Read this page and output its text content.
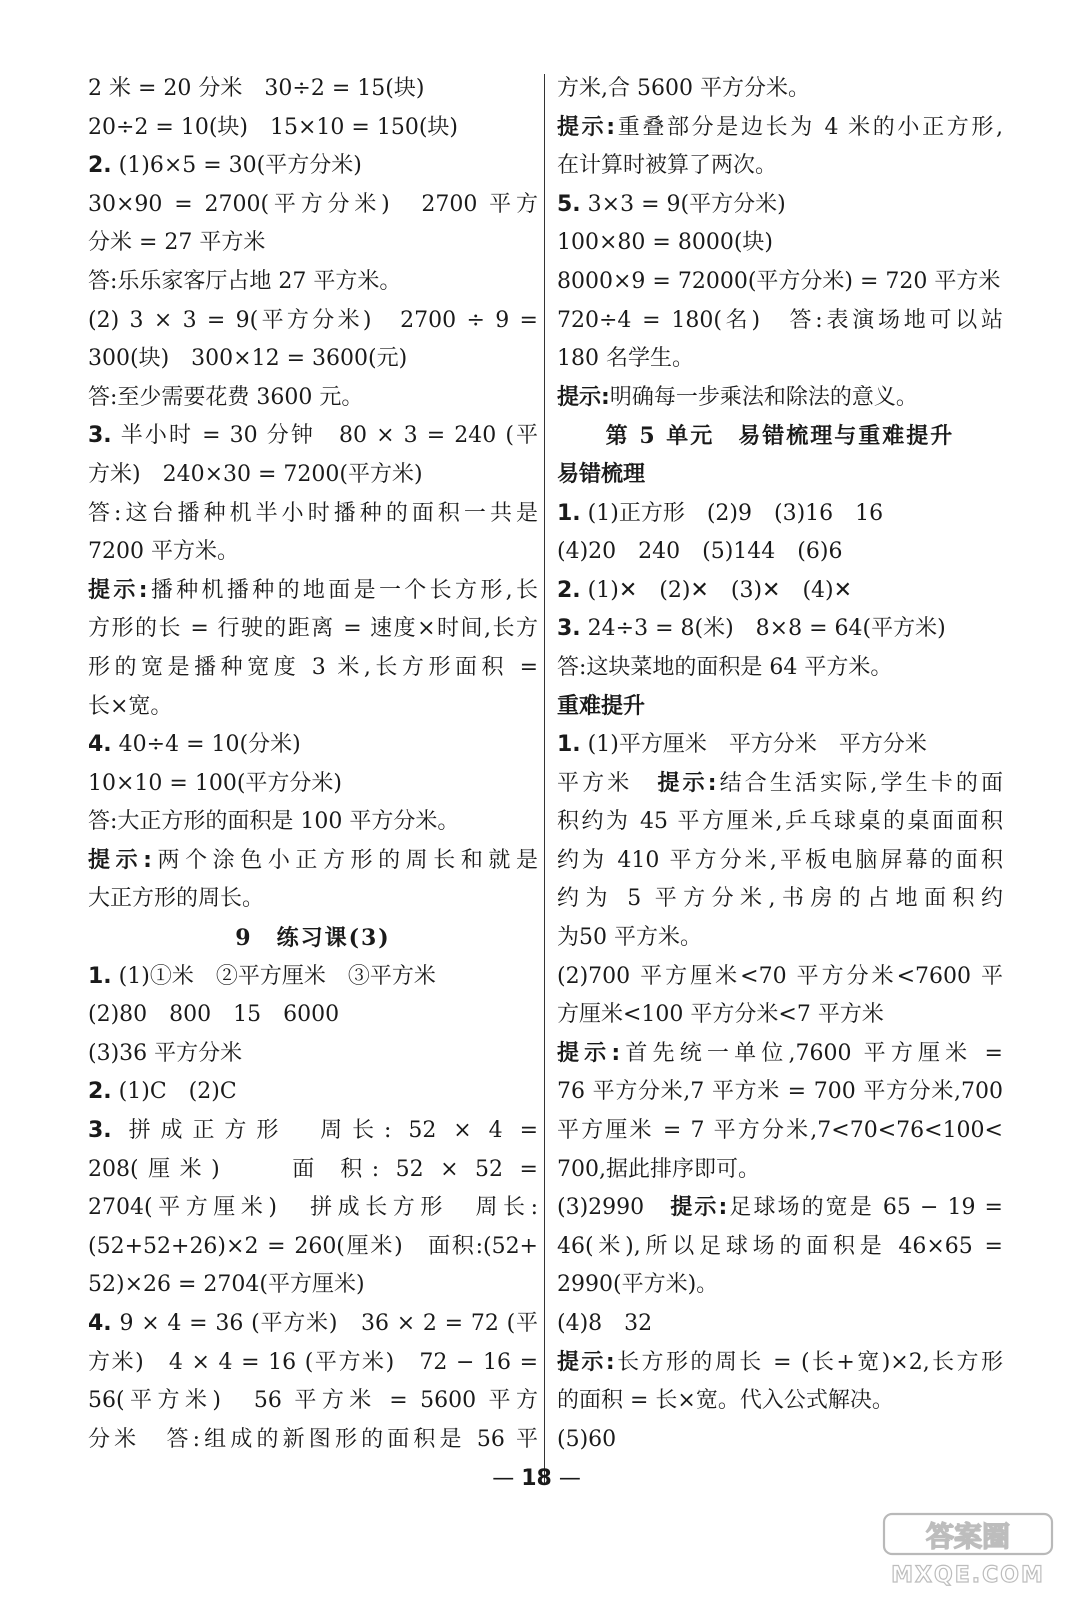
2 米 = 20 分米　30÷2 = 15(块)
20÷2 = 10(块)　15×10 = 150(块)
2. (1)6×5 = 30(平方分米)
30×90 = 2700(平方分米)　2700 平方
分米 = 27 平方米
答:乐乐家客厅占地 27 平方米。
(2) 3 × 3 = 9(平方分米)　2700 ÷ 9 =
300(块)　300×12 = 3600(元)
答:至少需要花费 3600 元。
3. 半小时 = 30 分钟　80 × 3 = 240 (平
方米)　240×30 = 7200(平方米)
答:这台播种机半小时播种的面积一共是
7200 平方米。
提示:播种机播种的地面是一个长方形,长
方形的长 = 行驶的距离 = 速度×时间,长方
形的宽是播种宽度 3 米,长方形面积 =
长×宽。
4. 40÷4 = 10(分米)
10×10 = 100(平方分米)
答:大正方形的面积是 100 平方分米。
提示:两个涂色小正方形的周长和就是
大正方形的周长。
9　练习课(3)
1. (1)①米　②平方厘米　③平方米
(2)80　800　15　6000
(3)36 平方分米
2. (1)C　(2)C
3. 拼成正方形　周长: 52 × 4 =
208(厘米)　　面 积: 52 × 52 =
2704(平方厘米)　拼成长方形　周长:
(52+52+26)×2 = 260(厘米)　面积:(52+
52)×26 = 2704(平方厘米)
4. 9 × 4 = 36 (平方米)　36 × 2 = 72 (平
方米)　4 × 4 = 16 (平方米)　72 − 16 =
56(平方米)　56 平方米 = 5600 平方
分米　答:组成的新图形的面积是 56 平
方米,合 5600 平方分米。
提示:重叠部分是边长为 4 米的小正方形,
在计算时被算了两次。
5. 3×3 = 9(平方分米)
100×80 = 8000(块)
8000×9 = 72000(平方分米) = 720 平方米
720÷4 = 180(名)　答:表演场地可以站
180 名学生。
提示:明确每一步乘法和除法的意义。
第 5 单元　易错梳理与重难提升
易错梳理
1. (1)正方形　(2)9　(3)16　16
(4)20　240　(5)144　(6)6
2. (1)✕　(2)✕　(3)✕　(4)✕
3. 24÷3 = 8(米)　8×8 = 64(平方米)
答:这块菜地的面积是 64 平方米。
重难提升
1. (1)平方厘米　平方分米　平方分米
平方米　提示:结合生活实际,学生卡的面
积约为 45 平方厘米,乒乓球桌的桌面面积
约为 410 平方分米,平板电脑屏幕的面积
约为 5 平方分米,书房的占地面积约
为50 平方米。
(2)700 平方厘米<70 平方分米<7600 平
方厘米<100 平方分米<7 平方米
提示:首先统一单位,7600 平方厘米 =
76 平方分米,7 平方米 = 700 平方分米,700
平方厘米 = 7 平方分米,7<70<76<100<
700,据此排序即可。
(3)2990　提示:足球场的宽是 65 − 19 =
46(米),所以足球场的面积是 46×65 =
2990(平方米)。
(4)8　32
提示:长方形的周长 = (长+宽)×2,长方形
的面积 = 长×宽。代入公式解决。
(5)60
— 18 —
答案圈
MXQE.COM
